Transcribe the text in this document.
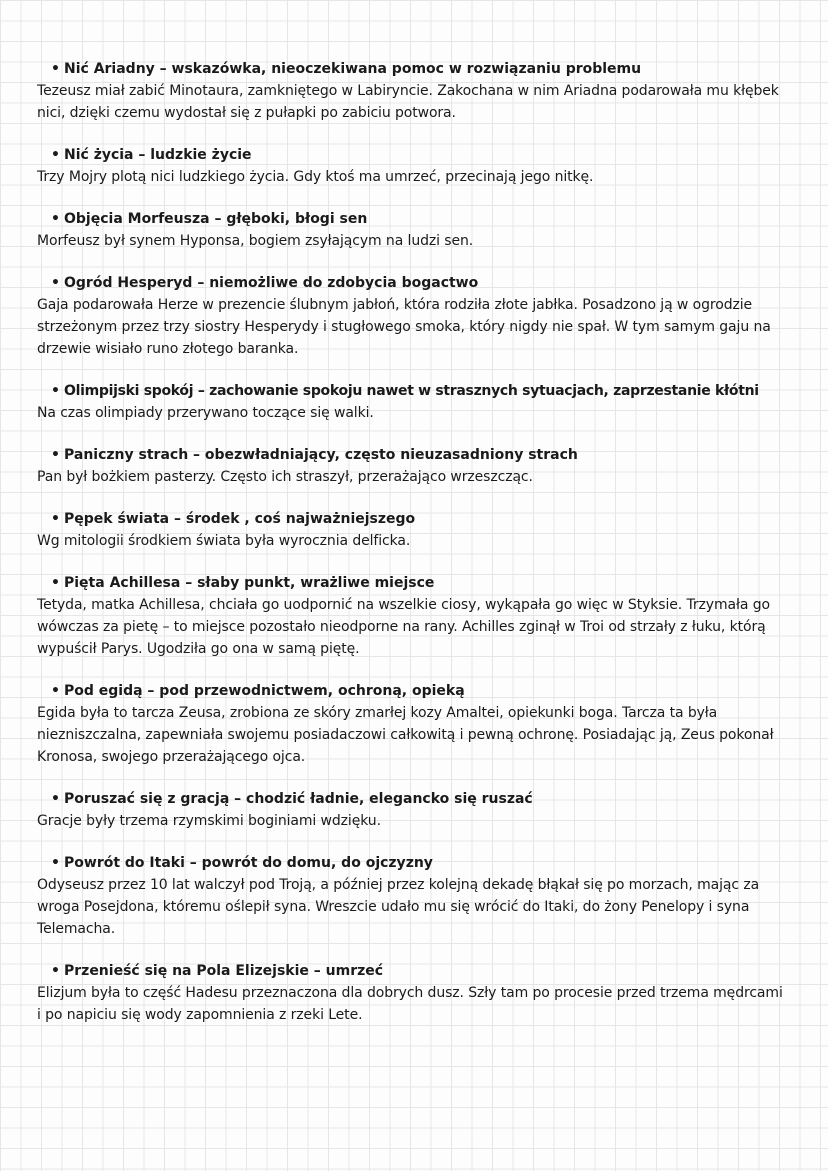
• Nić Ariadny – wskazówka, nieoczekiwana pomoc w rozwiązaniu problemu

Tezeusz miał zabić Minotaura, zamkniętego w Labiryncie. Zakochana w nim Ariadna podarowała mu kłębek nici, dzięki czemu wydostał się z pułapki po zabiciu potwora.

• Nić życia – ludzkie życie

Trzy Mojry plotą nici ludzkiego życia. Gdy ktoś ma umrzeć, przecinają jego nitkę.

• Objęcia Morfeusza – głęboki, błogi sen

Morfeusz był synem Hyponsa, bogiem zsyłającym na ludzi sen.

• Ogród Hesperyd – niemożliwe do zdobycia bogactwo

Gaja podarowała Herze w prezencie ślubnym jabłoń, która rodziła złote jabłka. Posadzono ją w ogrodzie strzeżonym przez trzy siostry Hesperydy i stugłowego smoka, który nigdy nie spał. W tym samym gaju na drzewie wisiało runo złotego baranka.

• Olimpijski spokój – zachowanie spokoju nawet w strasznych sytuacjach, zaprzestanie kłótni

Na czas olimpiady przerywano toczące się walki.

• Paniczny strach – obezwładniający, często nieuzasadniony strach

Pan był bożkiem pasterzy. Często ich straszył, przerażająco wrzeszcząc.

• Pępek świata – środek , coś najważniejszego

Wg mitologii środkiem świata była wyrocznia delficka.

• Pięta Achillesa – słaby punkt, wrażliwe miejsce

Tetyda, matka Achillesa, chciała go uodpornić na wszelkie ciosy, wykąpała go więc w Styksie. Trzymała go wówczas za pietę – to miejsce pozostało nieodporne na rany. Achilles zginął w Troi od strzały z łuku, którą wypuścił Parys. Ugodziła go ona w samą piętę.

• Pod egidą – pod przewodnictwem, ochroną, opieką

Egida była to tarcza Zeusa, zrobiona ze skóry zmarłej kozy Amaltei, opiekunki boga. Tarcza ta była niezniszczalna, zapewniała swojemu posiadaczowi całkowitą i pewną ochronę. Posiadając ją, Zeus pokonał Kronosa, swojego przerażającego ojca.

• Poruszać się z gracją – chodzić ładnie, elegancko się ruszać

Gracje były trzema rzymskimi boginiami wdzięku.

• Powrót do Itaki – powrót do domu, do ojczyzny

Odyseusz przez 10 lat walczył pod Troją, a później przez kolejną dekadę błąkał się po morzach, mając za wroga Posejdona, któremu oślepił syna. Wreszcie udało mu się wrócić do Itaki, do żony Penelopy i syna Telemacha.

• Przenieść się na Pola Elizejskie – umrzeć

Elizjum była to część Hadesu przeznaczona dla dobrych dusz. Szły tam po procesie przed trzema mędrcami i po napiciu się wody zapomnienia z rzeki Lete.
